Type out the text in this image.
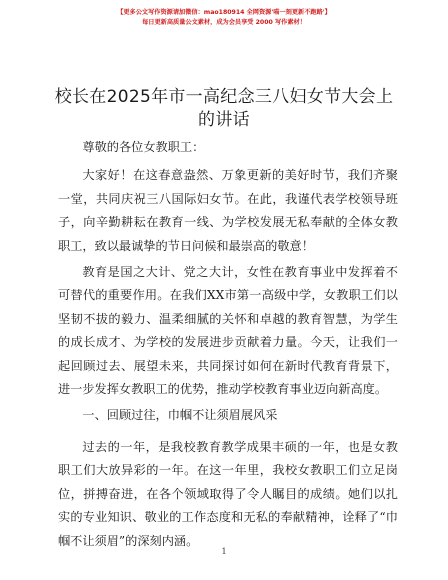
【更多公文写作资源请加微信：mao180914 全网资源'喵一刻更新不跑路'】
每日更新高质量公文素材，成为会员享受 2000 写作素材！
校长在2025年市一高纪念三八妇女节大会上的讲话

尊敬的各位女教职工：

大家好！在这春意盎然、万象更新的美好时节，我们齐聚一堂，共同庆祝三八国际妇女节。在此，我谨代表学校领导班子，向辛勤耕耘在教育一线、为学校发展无私奉献的全体女教职工，致以最诚挚的节日问候和最崇高的敬意！

教育是国之大计、党之大计，女性在教育事业中发挥着不可替代的重要作用。在我们XX市第一高级中学，女教职工们以坚韧不拔的毅力、温柔细腻的关怀和卓越的教育智慧，为学生的成长成才、为学校的发展进步贡献着力量。今天，让我们一起回顾过去、展望未来，共同探讨如何在新时代教育背景下，进一步发挥女教职工的优势，推动学校教育事业迈向新高度。

一、回顾过往，巾帼不让须眉展风采

过去的一年，是我校教育教学成果丰硕的一年，也是女教职工们大放异彩的一年。在这一年里，我校女教职工们立足岗位，拼搏奋进，在各个领域取得了令人瞩目的成绩。她们以扎实的专业知识、敬业的工作态度和无私的奉献精神，诠释了“巾帼不让须眉”的深刻内涵。

1
